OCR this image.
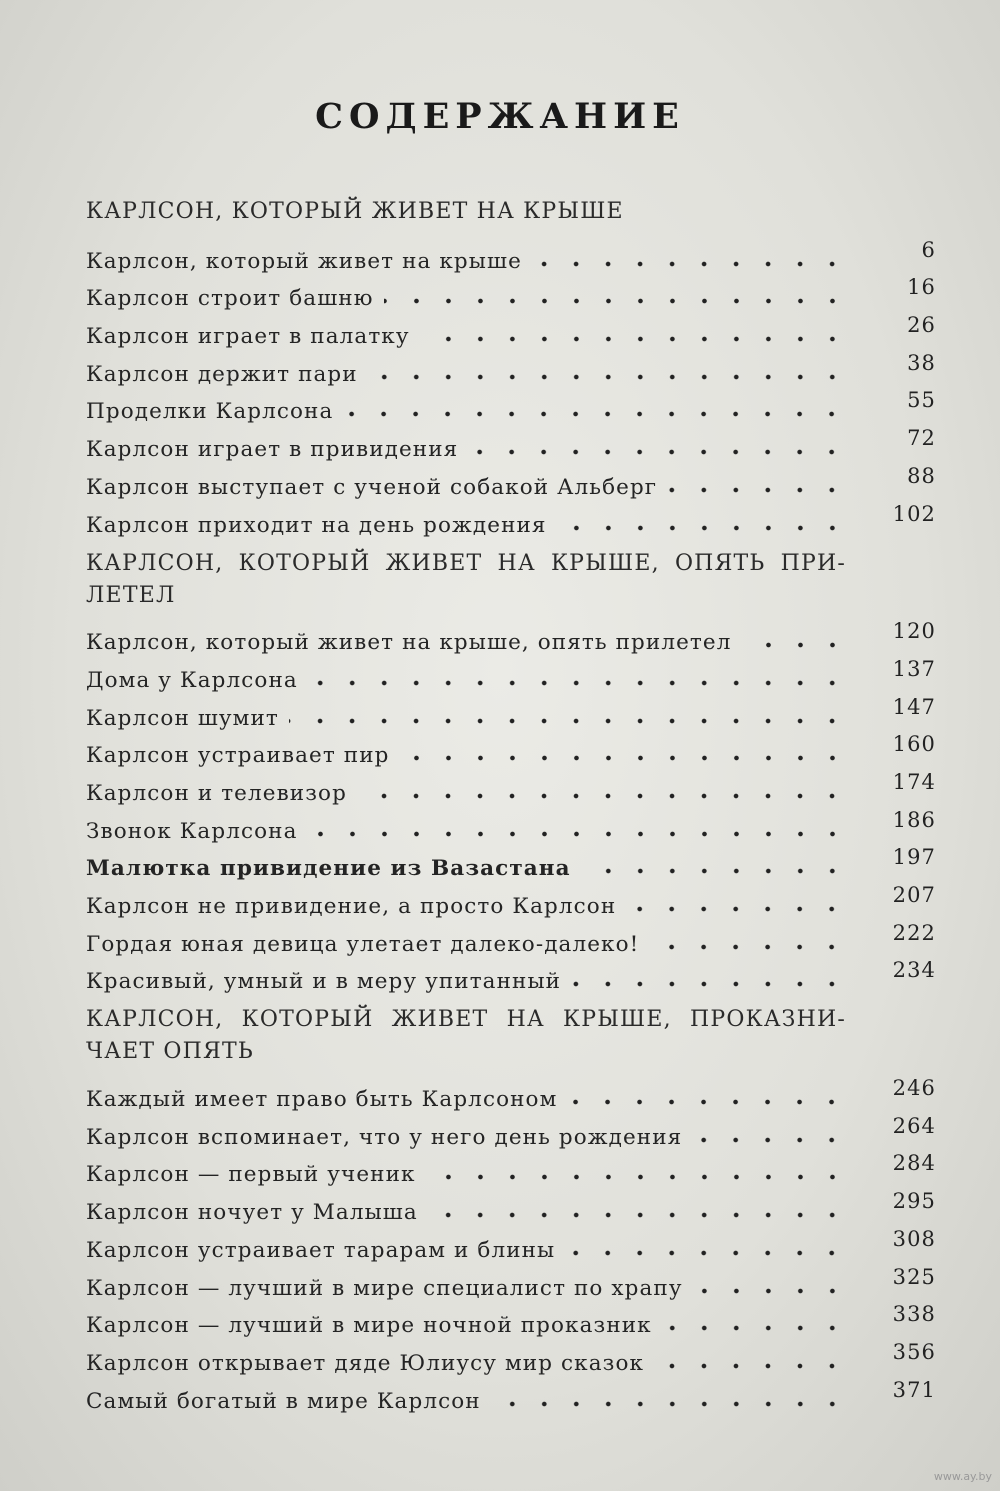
СОДЕРЖАНИЕ
КАРЛСОН, КОТОРЫЙ ЖИВЕТ НА КРЫШЕ
Карлсон, который живет на крыше	6
Карлсон строит башню	16
Карлсон играет в палатку	26
Карлсон держит пари	38
Проделки Карлсона	55
Карлсон играет в привидения	72
Карлсон выступает с ученой собакой Альберг	88
Карлсон приходит на день рождения	102
КАРЛСОН, КОТОРЫЙ ЖИВЕТ НА КРЫШЕ, ОПЯТЬ ПРИ- ЛЕТЕЛ
Карлсон, который живет на крыше, опять прилетел	120
Дома у Карлсона	137
Карлсон шумит	147
Карлсон устраивает пир	160
Карлсон и телевизор	174
Звонок Карлсона	186
Малютка привидение из Вазастана	197
Карлсон не привидение, а просто Карлсон	207
Гордая юная девица улетает далеко-далеко!	222
Красивый, умный и в меру упитанный	234
КАРЛСОН, КОТОРЫЙ ЖИВЕТ НА КРЫШЕ, ПРОКАЗНИ- ЧАЕТ ОПЯТЬ
Каждый имеет право быть Карлсоном	246
Карлсон вспоминает, что у него день рождения	264
Карлсон — первый ученик	284
Карлсон ночует у Малыша	295
Карлсон устраивает тарарам и блины	308
Карлсон — лучший в мире специалист по храпу	325
Карлсон — лучший в мире ночной проказник	338
Карлсон открывает дяде Юлиусу мир сказок	356
Самый богатый в мире Карлсон	371
www.ay.by
